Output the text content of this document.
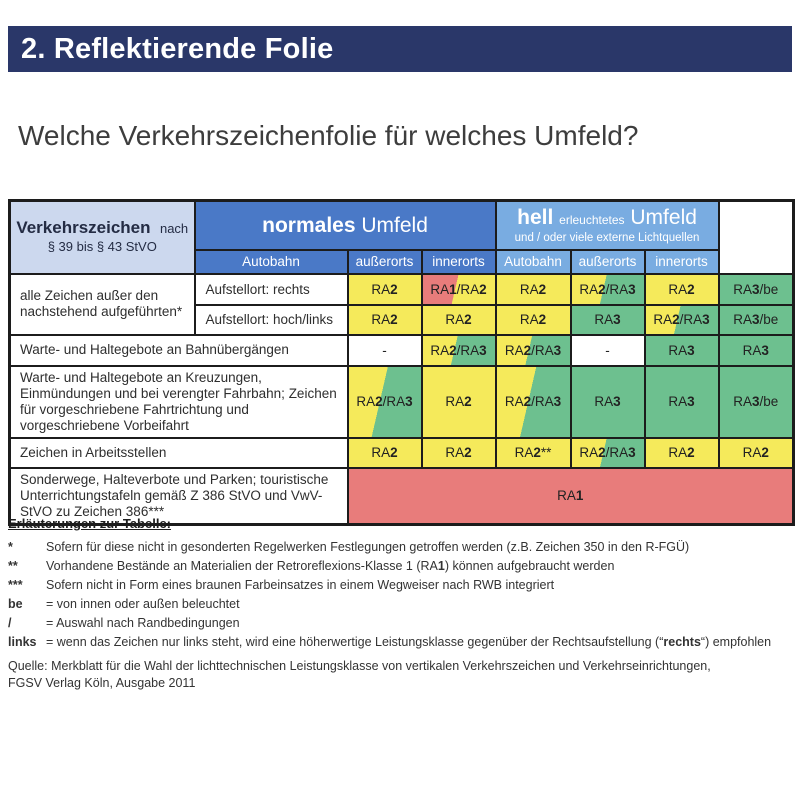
2. Reflektierende Folie
Welche Verkehrszeichenfolie für welches Umfeld?
Verkehrszeichen nach § 39 bis § 43 StVO	normales Umfeld			hell erleuchtetes Umfeld
und / oder viele externe Lichtquellen			

	Autobahn	außerorts	innerorts	Autobahn	außerorts	innerorts	
alle Zeichen außer den nachstehend aufgeführten*	Aufstellort: rechts	RA2	RA1/RA2	RA2	RA2/RA3	RA2	RA3/be
	Aufstellort: hoch/links	RA2	RA2	RA2	RA3	RA2/RA3	RA3/be
Warte- und Haltegebote an Bahnübergängen		-	RA2/RA3	RA2/RA3	-	RA3	RA3
Warte- und Haltegebote an Kreuzungen, Einmündungen und bei verengter Fahrbahn; Zeichen für vorgeschriebene Fahrtrichtung und vorgeschriebene Vorbeifahrt		RA2/RA3	RA2	RA2/RA3	RA3	RA3	RA3/be
Zeichen in Arbeitsstellen		RA2	RA2	RA2**	RA2/RA3	RA2	RA2
Sonderwege, Halteverbote und Parken; touristische Unterrichtungstafeln gemäß Z 386 StVO und VwV-StVO zu Zeichen 386***		RA1					
Erläuterungen zur Tabelle:
*	Sofern für diese nicht in gesonderten Regelwerken Festlegungen getroffen werden (z.B. Zeichen 350 in den R-FGÜ)
**	Vorhandene Bestände an Materialien der Retroreflexions-Klasse 1 (RA1) können aufgebraucht werden
***	Sofern nicht in Form eines braunen Farbeinsatzes in einem Wegweiser nach RWB integriert
be	= von innen oder außen beleuchtet
/	= Auswahl nach Randbedingungen
links = wenn das Zeichen nur links steht, wird eine höherwertige Leistungsklasse gegenüber der Rechtsaufstellung (“rechts“) empfohlen
Quelle: Merkblatt für die Wahl der lichttechnischen Leistungsklasse von vertikalen Verkehrszeichen und Verkehrseinrichtungen,
FGSV Verlag Köln, Ausgabe 2011
